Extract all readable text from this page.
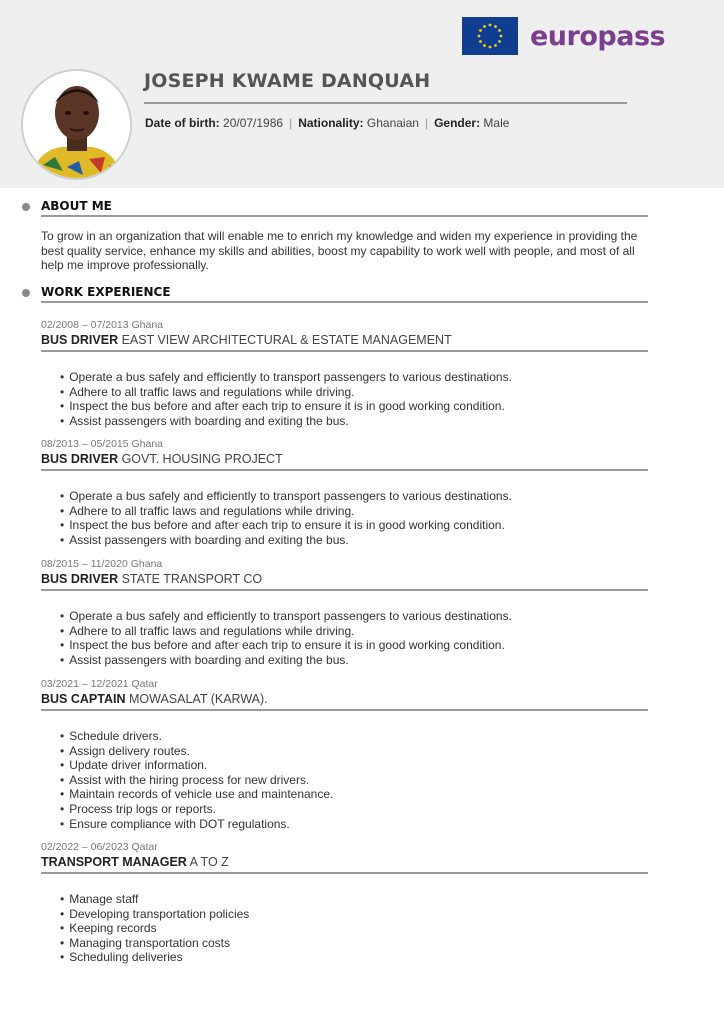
europass
JOSEPH KWAME DANQUAH
Date of birth: 20/07/1986 | Nationality: Ghanaian | Gender: Male
ABOUT ME
To grow in an organization that will enable me to enrich my knowledge and widen my experience in providing the best quality service, enhance my skills and abilities, boost my capability to work well with people, and most of all help me improve professionally.
WORK EXPERIENCE
02/2008 – 07/2013 Ghana
BUS DRIVER EAST VIEW ARCHITECTURAL & ESTATE MANAGEMENT
• Operate a bus safely and efficiently to transport passengers to various destinations.
• Adhere to all traffic laws and regulations while driving.
• Inspect the bus before and after each trip to ensure it is in good working condition.
• Assist passengers with boarding and exiting the bus.
08/2013 – 05/2015 Ghana
BUS DRIVER GOVT. HOUSING PROJECT
• Operate a bus safely and efficiently to transport passengers to various destinations.
• Adhere to all traffic laws and regulations while driving.
• Inspect the bus before and after each trip to ensure it is in good working condition.
• Assist passengers with boarding and exiting the bus.
08/2015 – 11/2020 Ghana
BUS DRIVER STATE TRANSPORT CO
• Operate a bus safely and efficiently to transport passengers to various destinations.
• Adhere to all traffic laws and regulations while driving.
• Inspect the bus before and after each trip to ensure it is in good working condition.
• Assist passengers with boarding and exiting the bus.
03/2021 – 12/2021 Qatar
BUS CAPTAIN MOWASALAT (KARWA).
• Schedule drivers.
• Assign delivery routes.
• Update driver information.
• Assist with the hiring process for new drivers.
• Maintain records of vehicle use and maintenance.
• Process trip logs or reports.
• Ensure compliance with DOT regulations.
02/2022 – 06/2023 Qatar
TRANSPORT MANAGER A TO Z
• Manage staff
• Developing transportation policies
• Keeping records
• Managing transportation costs
• Scheduling deliveries
